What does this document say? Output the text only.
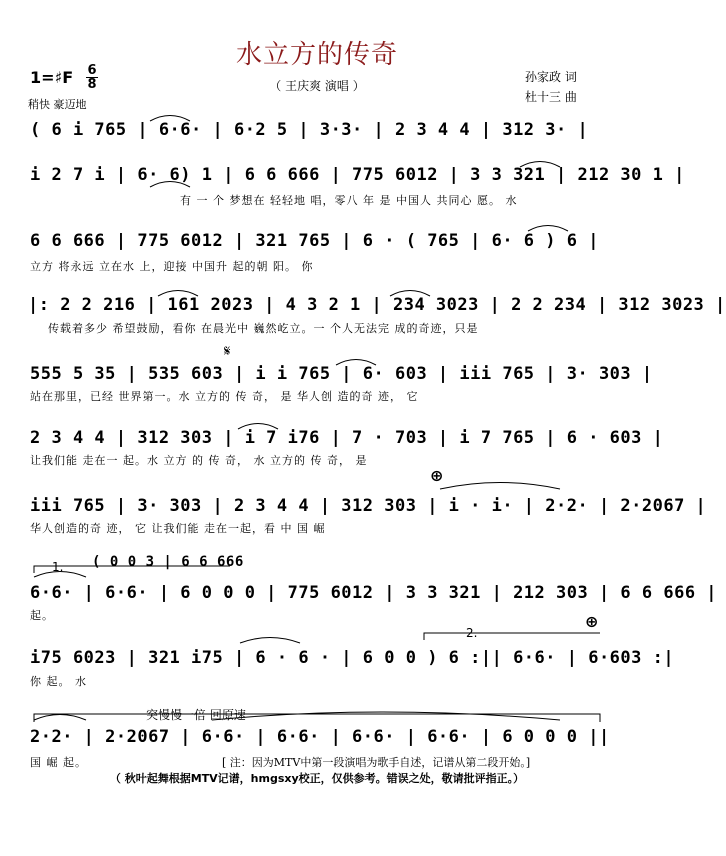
水立方的传奇
（ 王庆爽 演唱 ）
孙家政 词
杜十三 曲
1=♯F 6
8
稍快 豪迈地
( 6 i 765 | 6·6· | 6·2 5 | 3·3· | 2 3 4 4 | 312 3· |
i 2 7 i | 6· 6) 1 | 6 6 666 | 775 6012 | 3 3 321 | 212 30 1 |
有 一 个 梦想在 轻轻地 唱，零八 年 是 中国人 共同心 愿。 水
6 6 666 | 775 6012 | 321 765 | 6 · ( 765 | 6· 6 ) 6 |
立方 将永远 立在水 上，迎接 中国升 起的朝 阳。 你
|: 2 2 216 | 161 2023 | 4 3 2 1 | 234 3023 | 2 2 234 | 312 3023 |
传载着多少 希望鼓励，看你 在晨光中 巍然屹立。一 个人无法完 成的奇迹，只是
𝄋
555 5 35 | 535 603 | i i 765 | 6· 603 | iii 765 | 3· 303 |
站在那里，已经 世界第一。水 立方的 传 奇， 是 华人创 造的奇 迹， 它
2 3 4 4 | 312 303 | i 7 i76 | 7 · 703 | i 7 765 | 6 · 603 |
让我们能 走在一 起。水 立方 的 传 奇， 水 立方的 传 奇， 是
⊕
iii 765 | 3· 303 | 2 3 4 4 | 312 303 | i · i· | 2·2· | 2·2067 |
华人创造的奇 迹， 它 让我们能 走在一起，看 中 国 崛
1. ( 0 0 3 | 6 6 666
6·6· | 6·6· | 6 0 0 0 | 775 6012 | 3 3 321 | 212 303 | 6 6 666 |
起。
2.
⊕
i75 6023 | 321 i75 | 6 · 6 · | 6 0 0 ) 6 :|| 6·6· | 6·603 :|
你 起。 水
突慢慢一倍 回原速
2·2· | 2·2067 | 6·6· | 6·6· | 6·6· | 6·6· | 6 0 0 0 ||
国 崛 起。	[ 注：因为MTV中第一段演唱为歌手自述，记谱从第二段开始。]
（ 秋叶起舞根据MTV记谱，hmgsxy校正，仅供参考。错误之处，敬请批评指正。）
